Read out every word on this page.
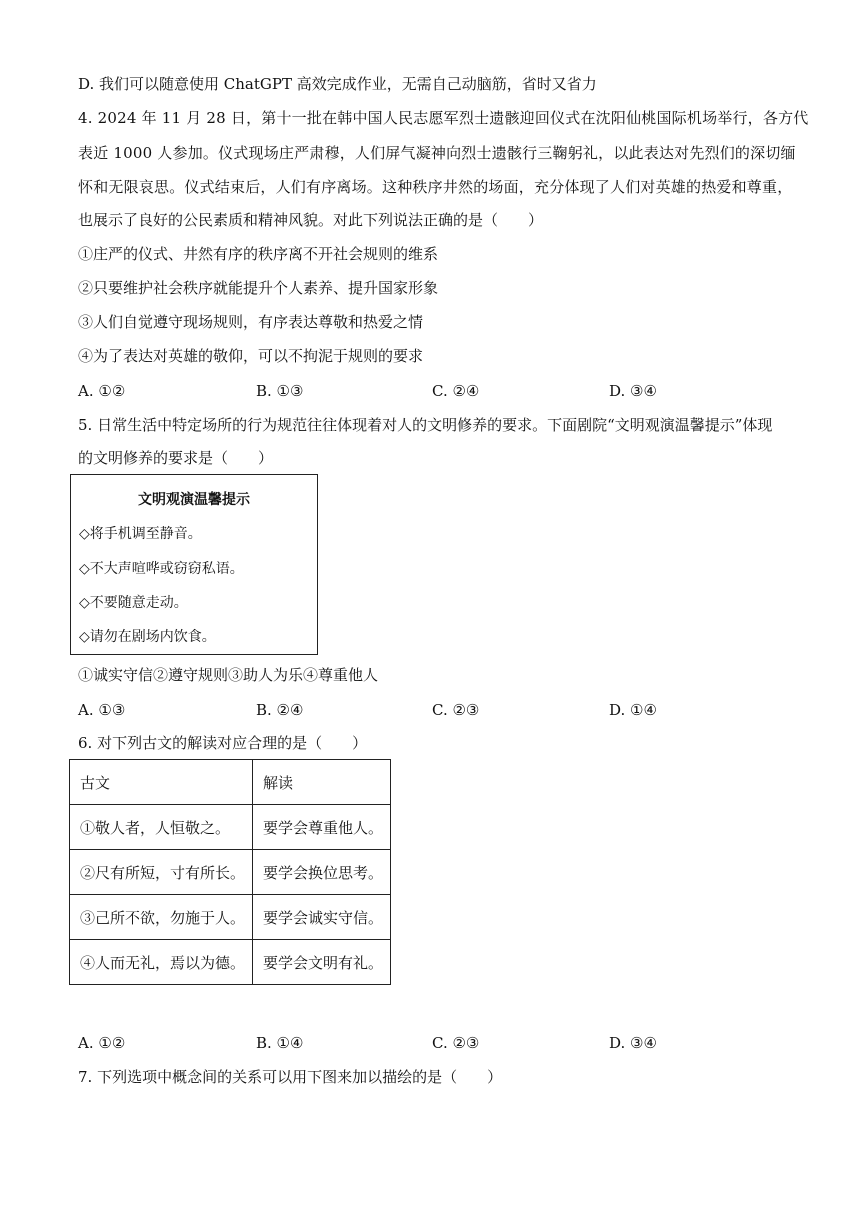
D. 我们可以随意使用 ChatGPT 高效完成作业，无需自己动脑筋，省时又省力
4. 2024 年 11 月 28 日，第十一批在韩中国人民志愿军烈士遗骸迎回仪式在沈阳仙桃国际机场举行，各方代
表近 1000 人参加。仪式现场庄严肃穆，人们屏气凝神向烈士遗骸行三鞠躬礼，以此表达对先烈们的深切缅
怀和无限哀思。仪式结束后，人们有序离场。这种秩序井然的场面，充分体现了人们对英雄的热爱和尊重，
也展示了良好的公民素质和精神风貌。对此下列说法正确的是（　　）
①庄严的仪式、井然有序的秩序离不开社会规则的维系
②只要维护社会秩序就能提升个人素养、提升国家形象
③人们自觉遵守现场规则，有序表达尊敬和热爱之情
④为了表达对英雄的敬仰，可以不拘泥于规则的要求
A. ①②	B. ①③	C. ②④	D. ③④
5. 日常生活中特定场所的行为规范往往体现着对人的文明修养的要求。下面剧院“文明观演温馨提示”体现
的文明修养的要求是（　　）
文明观演温馨提示
◇将手机调至静音。
◇不大声喧哗或窃窃私语。
◇不要随意走动。
◇请勿在剧场内饮食。
①诚实守信②遵守规则③助人为乐④尊重他人
A. ①③	B. ②④	C. ②③	D. ①④
6. 对下列古文的解读对应合理的是（　　）
古文	解读
①敬人者，人恒敬之。	要学会尊重他人。
②尺有所短，寸有所长。	要学会换位思考。
③己所不欲，勿施于人。	要学会诚实守信。
④人而无礼，焉以为德。	要学会文明有礼。
A. ①②	B. ①④	C. ②③	D. ③④
7. 下列选项中概念间的关系可以用下图来加以描绘的是（　　）
